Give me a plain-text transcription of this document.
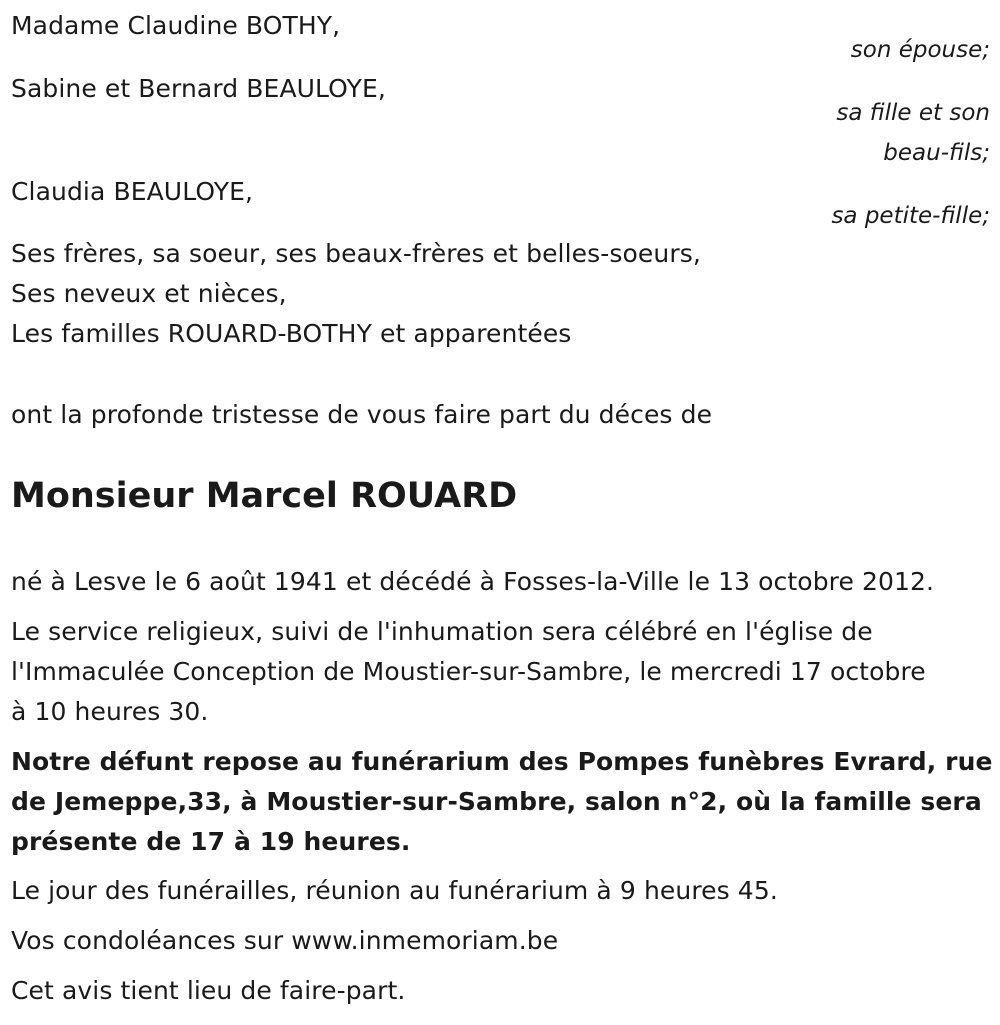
Madame Claudine BOTHY,
son épouse;
Sabine et Bernard BEAULOYE,
sa fille et son
beau-fils;
Claudia BEAULOYE,
sa petite-fille;
Ses frères, sa soeur, ses beaux-frères et belles-soeurs,
Ses neveux et nièces,
Les familles ROUARD-BOTHY et apparentées
ont la profonde tristesse de vous faire part du déces de
Monsieur Marcel ROUARD
né à Lesve le 6 août 1941 et décédé à Fosses-la-Ville le 13 octobre 2012.
Le service religieux, suivi de l'inhumation sera célébré en l'église de
l'Immaculée Conception de Moustier-sur-Sambre, le mercredi 17 octobre
à 10 heures 30.
Notre défunt repose au funérarium des Pompes funèbres Evrard, rue
de Jemeppe,33, à Moustier-sur-Sambre, salon n°2, où la famille sera
présente de 17 à 19 heures.
Le jour des funérailles, réunion au funérarium à 9 heures 45.
Vos condoléances sur www.inmemoriam.be
Cet avis tient lieu de faire-part.
